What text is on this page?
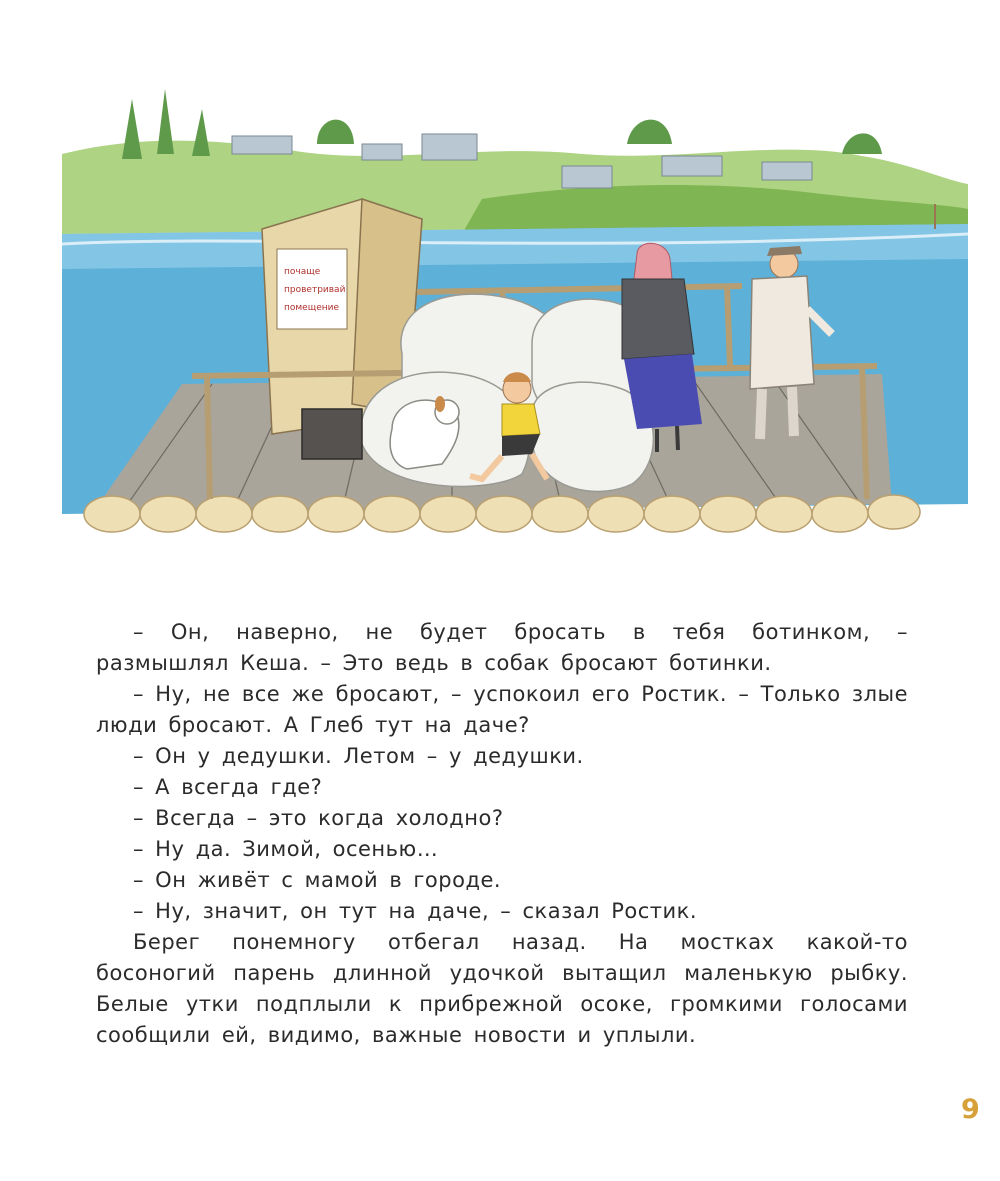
почаще
проветривай
помещение

– Он, наверно, не будет бросать в тебя ботинком, – размышлял Кеша. – Это ведь в собак бросают ботинки.

– Ну, не все же бросают, – успокоил его Ростик. – Только злые люди бросают. А Глеб тут на даче?

– Он у дедушки. Летом – у дедушки.

– А всегда где?

– Всегда – это когда холодно?

– Ну да. Зимой, осенью…

– Он живёт с мамой в городе.

– Ну, значит, он тут на даче, – сказал Ростик.

Берег понемногу отбегал назад. На мостках какой-то босоногий парень длинной удочкой вытащил маленькую рыбку. Белые утки подплыли к прибрежной осоке, громкими голосами сообщили ей, видимо, важные новости и уплыли.

9
